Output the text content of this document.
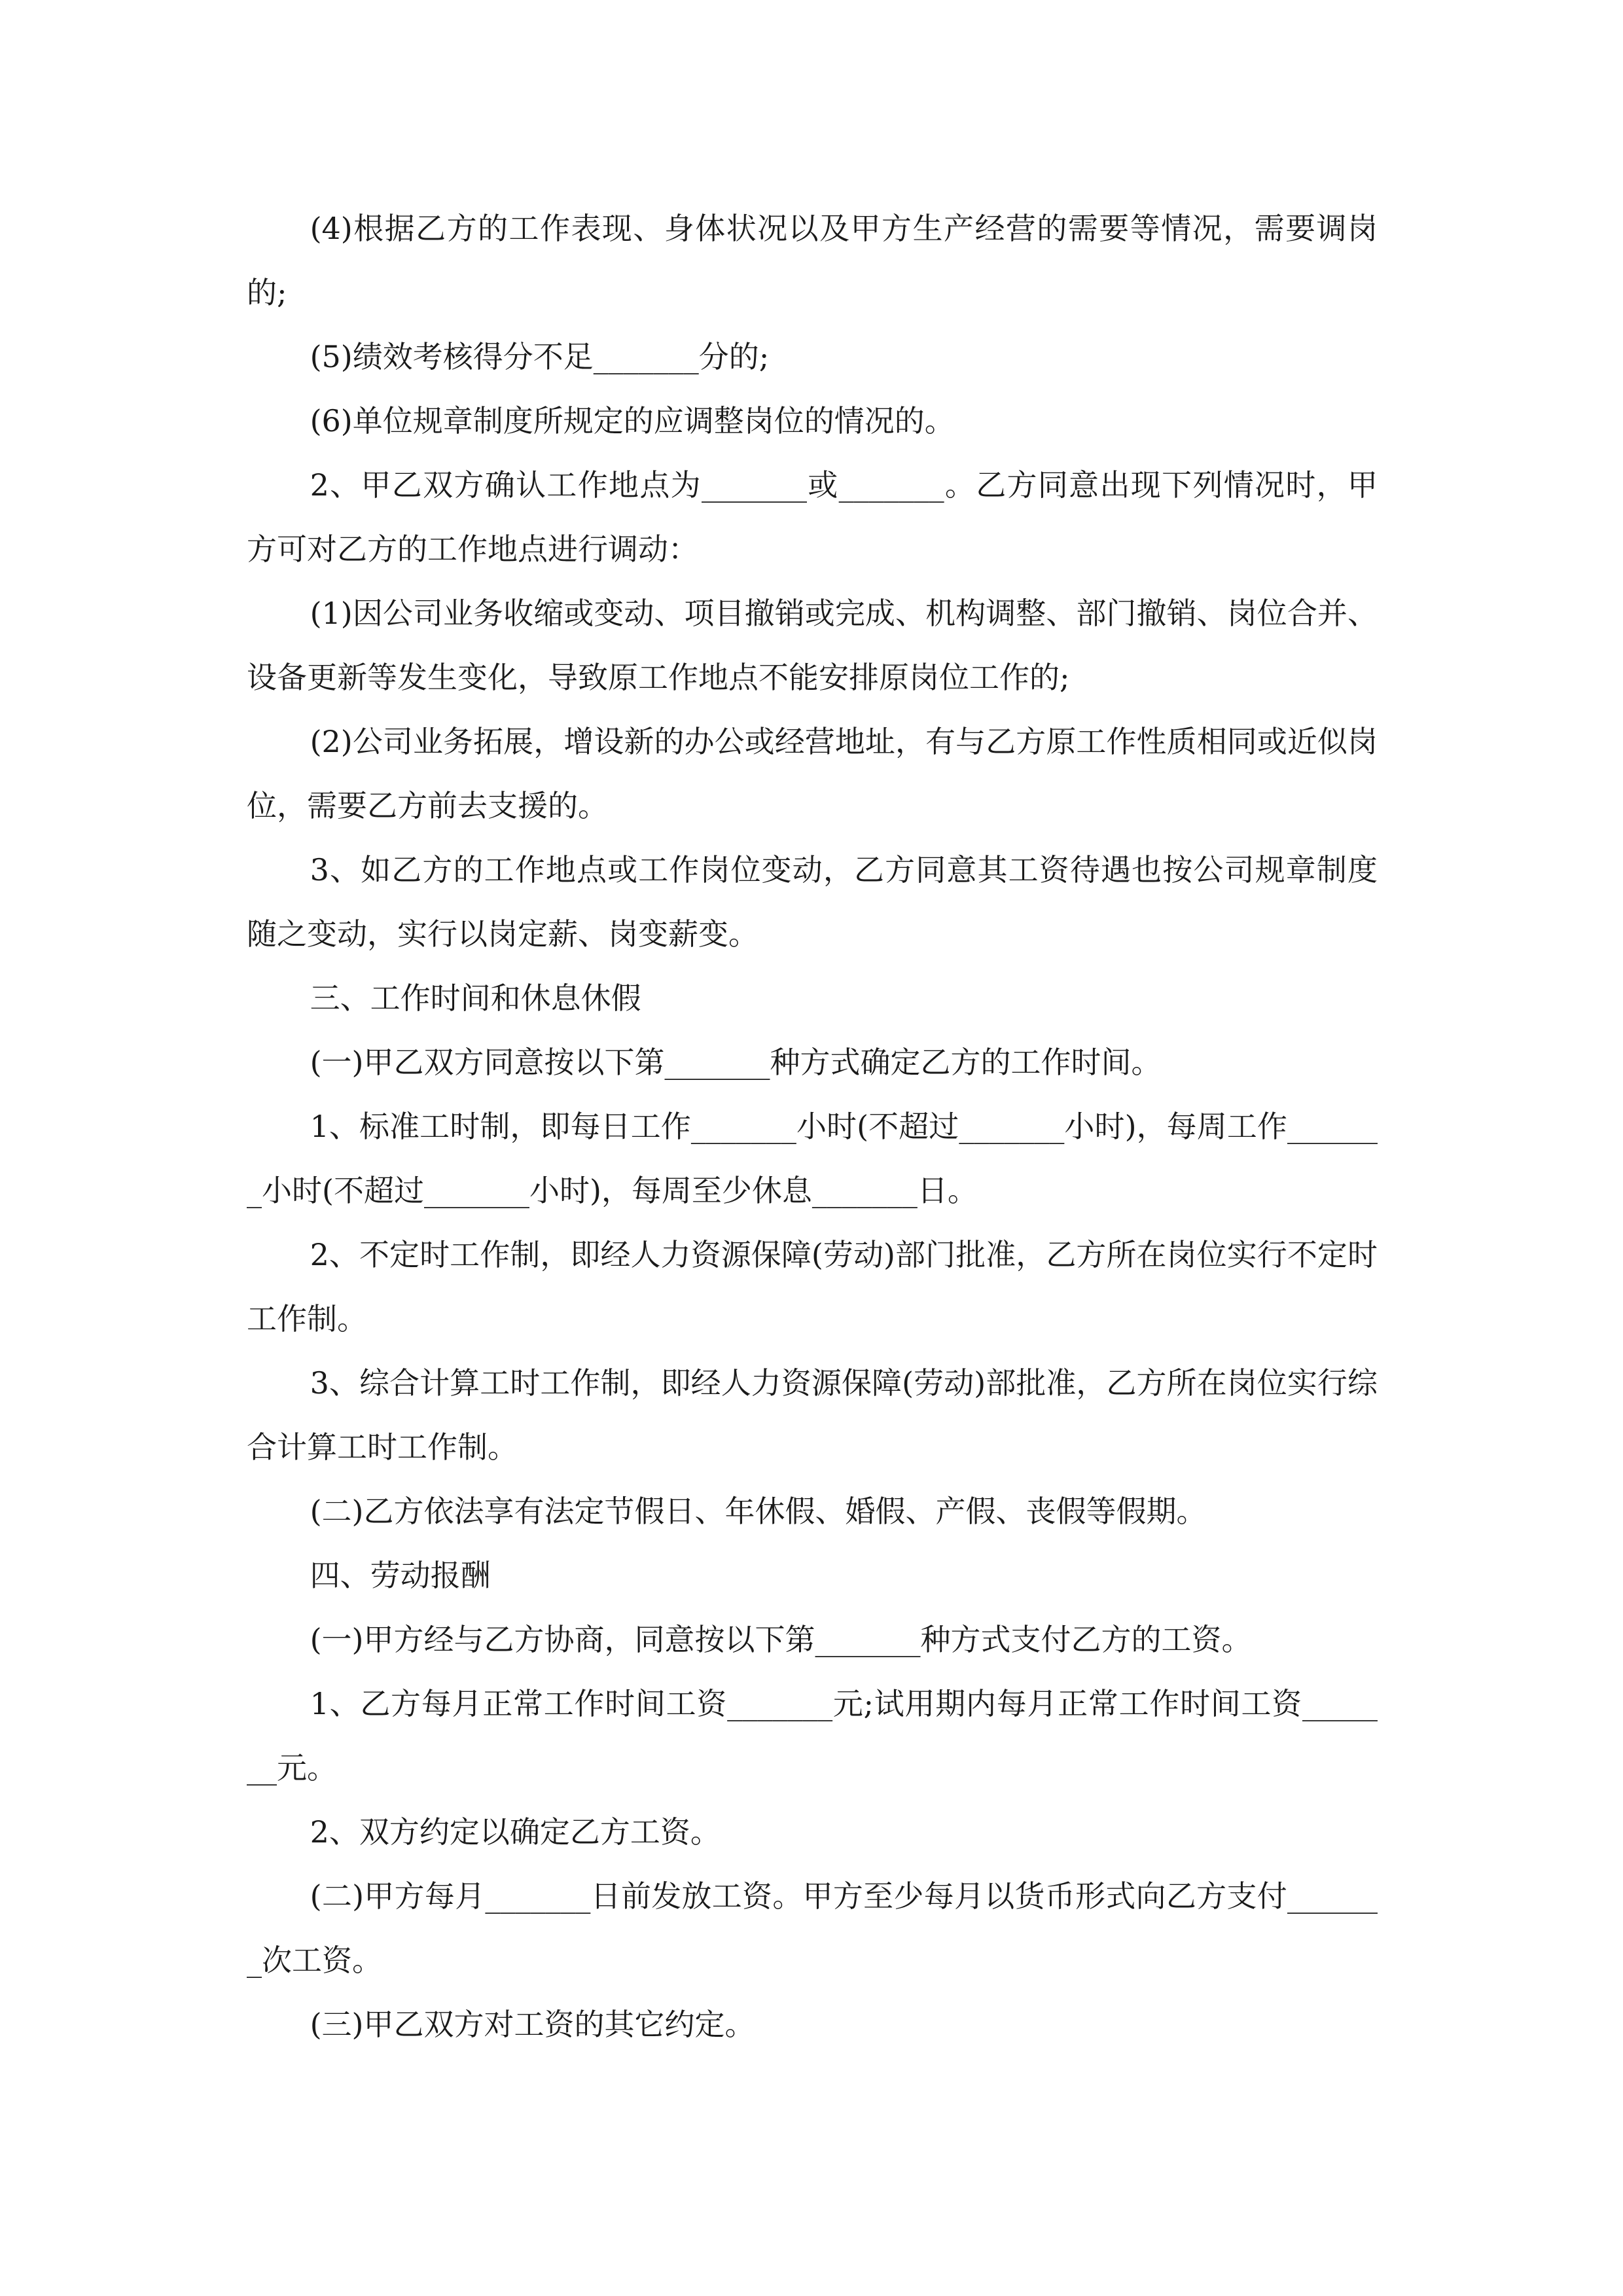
(4)根据乙方的工作表现、身体状况以及甲方生产经营的需要等情况，需要调岗的;

(5)绩效考核得分不足_______分的;

(6)单位规章制度所规定的应调整岗位的情况的。

2、甲乙双方确认工作地点为_______或_______。乙方同意出现下列情况时，甲方可对乙方的工作地点进行调动：

(1)因公司业务收缩或变动、项目撤销或完成、机构调整、部门撤销、岗位合并、设备更新等发生变化，导致原工作地点不能安排原岗位工作的;

(2)公司业务拓展，增设新的办公或经营地址，有与乙方原工作性质相同或近似岗位，需要乙方前去支援的。

3、如乙方的工作地点或工作岗位变动，乙方同意其工资待遇也按公司规章制度随之变动，实行以岗定薪、岗变薪变。

三、工作时间和休息休假

(一)甲乙双方同意按以下第_______种方式确定乙方的工作时间。

1、标准工时制，即每日工作_______小时(不超过_______小时)，每周工作_______小时(不超过_______小时)，每周至少休息_______日。

2、不定时工作制，即经人力资源保障(劳动)部门批准，乙方所在岗位实行不定时工作制。

3、综合计算工时工作制，即经人力资源保障(劳动)部批准，乙方所在岗位实行综合计算工时工作制。

(二)乙方依法享有法定节假日、年休假、婚假、产假、丧假等假期。

四、劳动报酬

(一)甲方经与乙方协商，同意按以下第_______种方式支付乙方的工资。

1、乙方每月正常工作时间工资_______元;试用期内每月正常工作时间工资_______元。

2、双方约定以确定乙方工资。

(二)甲方每月_______日前发放工资。甲方至少每月以货币形式向乙方支付_______次工资。

(三)甲乙双方对工资的其它约定。
